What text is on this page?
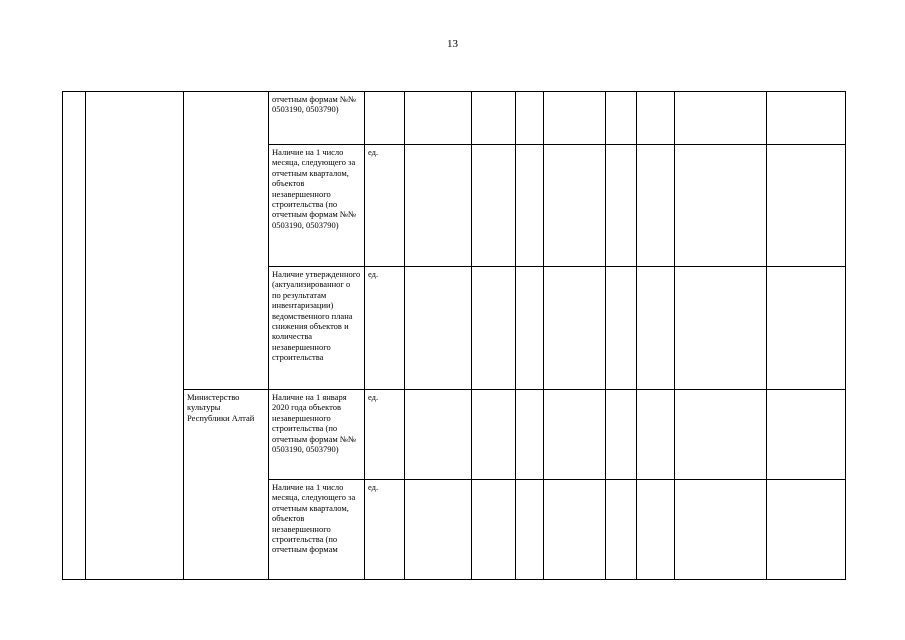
13
			отчетным формам №№ 0503190, 0503790)									
			Наличие на 1 число месяца, следующего за отчетным кварталом, объектов незавершенного строительства (по отчетным формам №№ 0503190, 0503790)	ед.								
			Наличие утвержденного (актуализированног о по результатам инвентаризации) ведомственного плана снижения объектов и количества незавершенного строительства	ед.								
		Министерство культуры Республики Алтай	Наличие на 1 января 2020 года объектов незавершенного строительства (по отчетным формам №№ 0503190, 0503790)	ед.								
			Наличие на 1 число месяца, следующего за отчетным кварталом, объектов незавершенного строительства (по отчетным формам	ед.								
